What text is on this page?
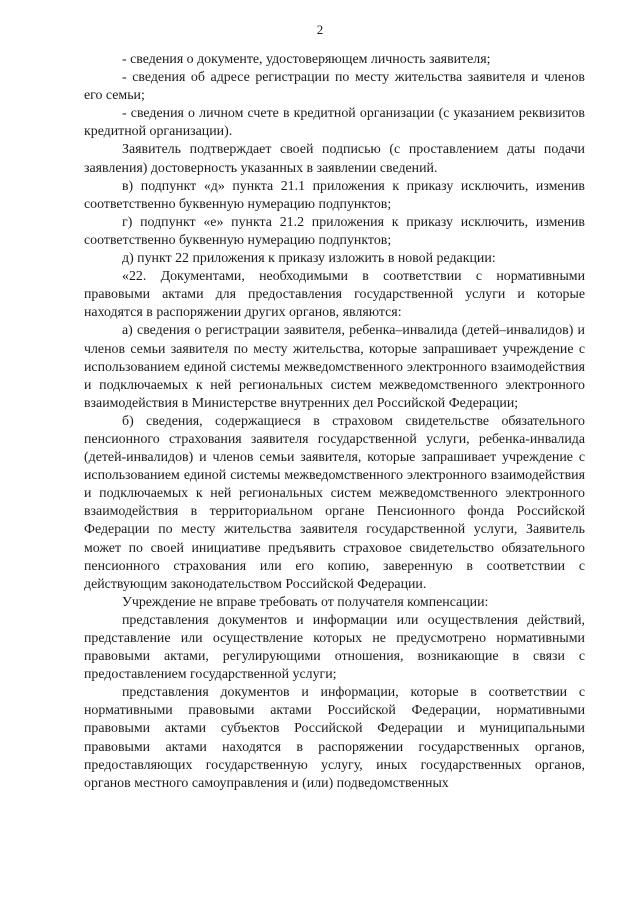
2

- сведения о документе, удостоверяющем личность заявителя;

- сведения об адресе регистрации по месту жительства заявителя и членов его семьи;

- сведения о личном счете в кредитной организации (с указанием реквизитов кредитной организации).

Заявитель подтверждает своей подписью (с проставлением даты подачи заявления) достоверность указанных в заявлении сведений.

в) подпункт «д» пункта 21.1 приложения к приказу исключить, изменив соответственно буквенную нумерацию подпунктов;

г) подпункт «е» пункта 21.2 приложения к приказу исключить, изменив соответственно буквенную нумерацию подпунктов;

д) пункт 22 приложения к приказу изложить в новой редакции:

«22. Документами, необходимыми в соответствии с нормативными правовыми актами для предоставления государственной услуги и которые находятся в распоряжении других органов, являются:

а) сведения о регистрации заявителя, ребенка–инвалида (детей–инвалидов) и членов семьи заявителя по месту жительства, которые запрашивает учреждение с использованием единой системы межведомственного электронного взаимодействия и подключаемых к ней региональных систем межведомственного электронного взаимодействия в Министерстве внутренних дел Российской Федерации;

б) сведения, содержащиеся в страховом свидетельстве обязательного пенсионного страхования заявителя государственной услуги, ребенка-инвалида (детей-инвалидов) и членов семьи заявителя, которые запрашивает учреждение с использованием единой системы межведомственного электронного взаимодействия и подключаемых к ней региональных систем межведомственного электронного взаимодействия в территориальном органе Пенсионного фонда Российской Федерации по месту жительства заявителя государственной услуги, Заявитель может по своей инициативе предъявить страховое свидетельство обязательного пенсионного страхования или его копию, заверенную в соответствии с действующим законодательством Российской Федерации.

Учреждение не вправе требовать от получателя компенсации:

представления документов и информации или осуществления действий, представление или осуществление которых не предусмотрено нормативными правовыми актами, регулирующими отношения, возникающие в связи с предоставлением государственной услуги;

представления документов и информации, которые в соответствии с нормативными правовыми актами Российской Федерации, нормативными правовыми актами субъектов Российской Федерации и муниципальными правовыми актами находятся в распоряжении государственных органов, предоставляющих государственную услугу, иных государственных органов, органов местного самоуправления и (или) подведомственных
